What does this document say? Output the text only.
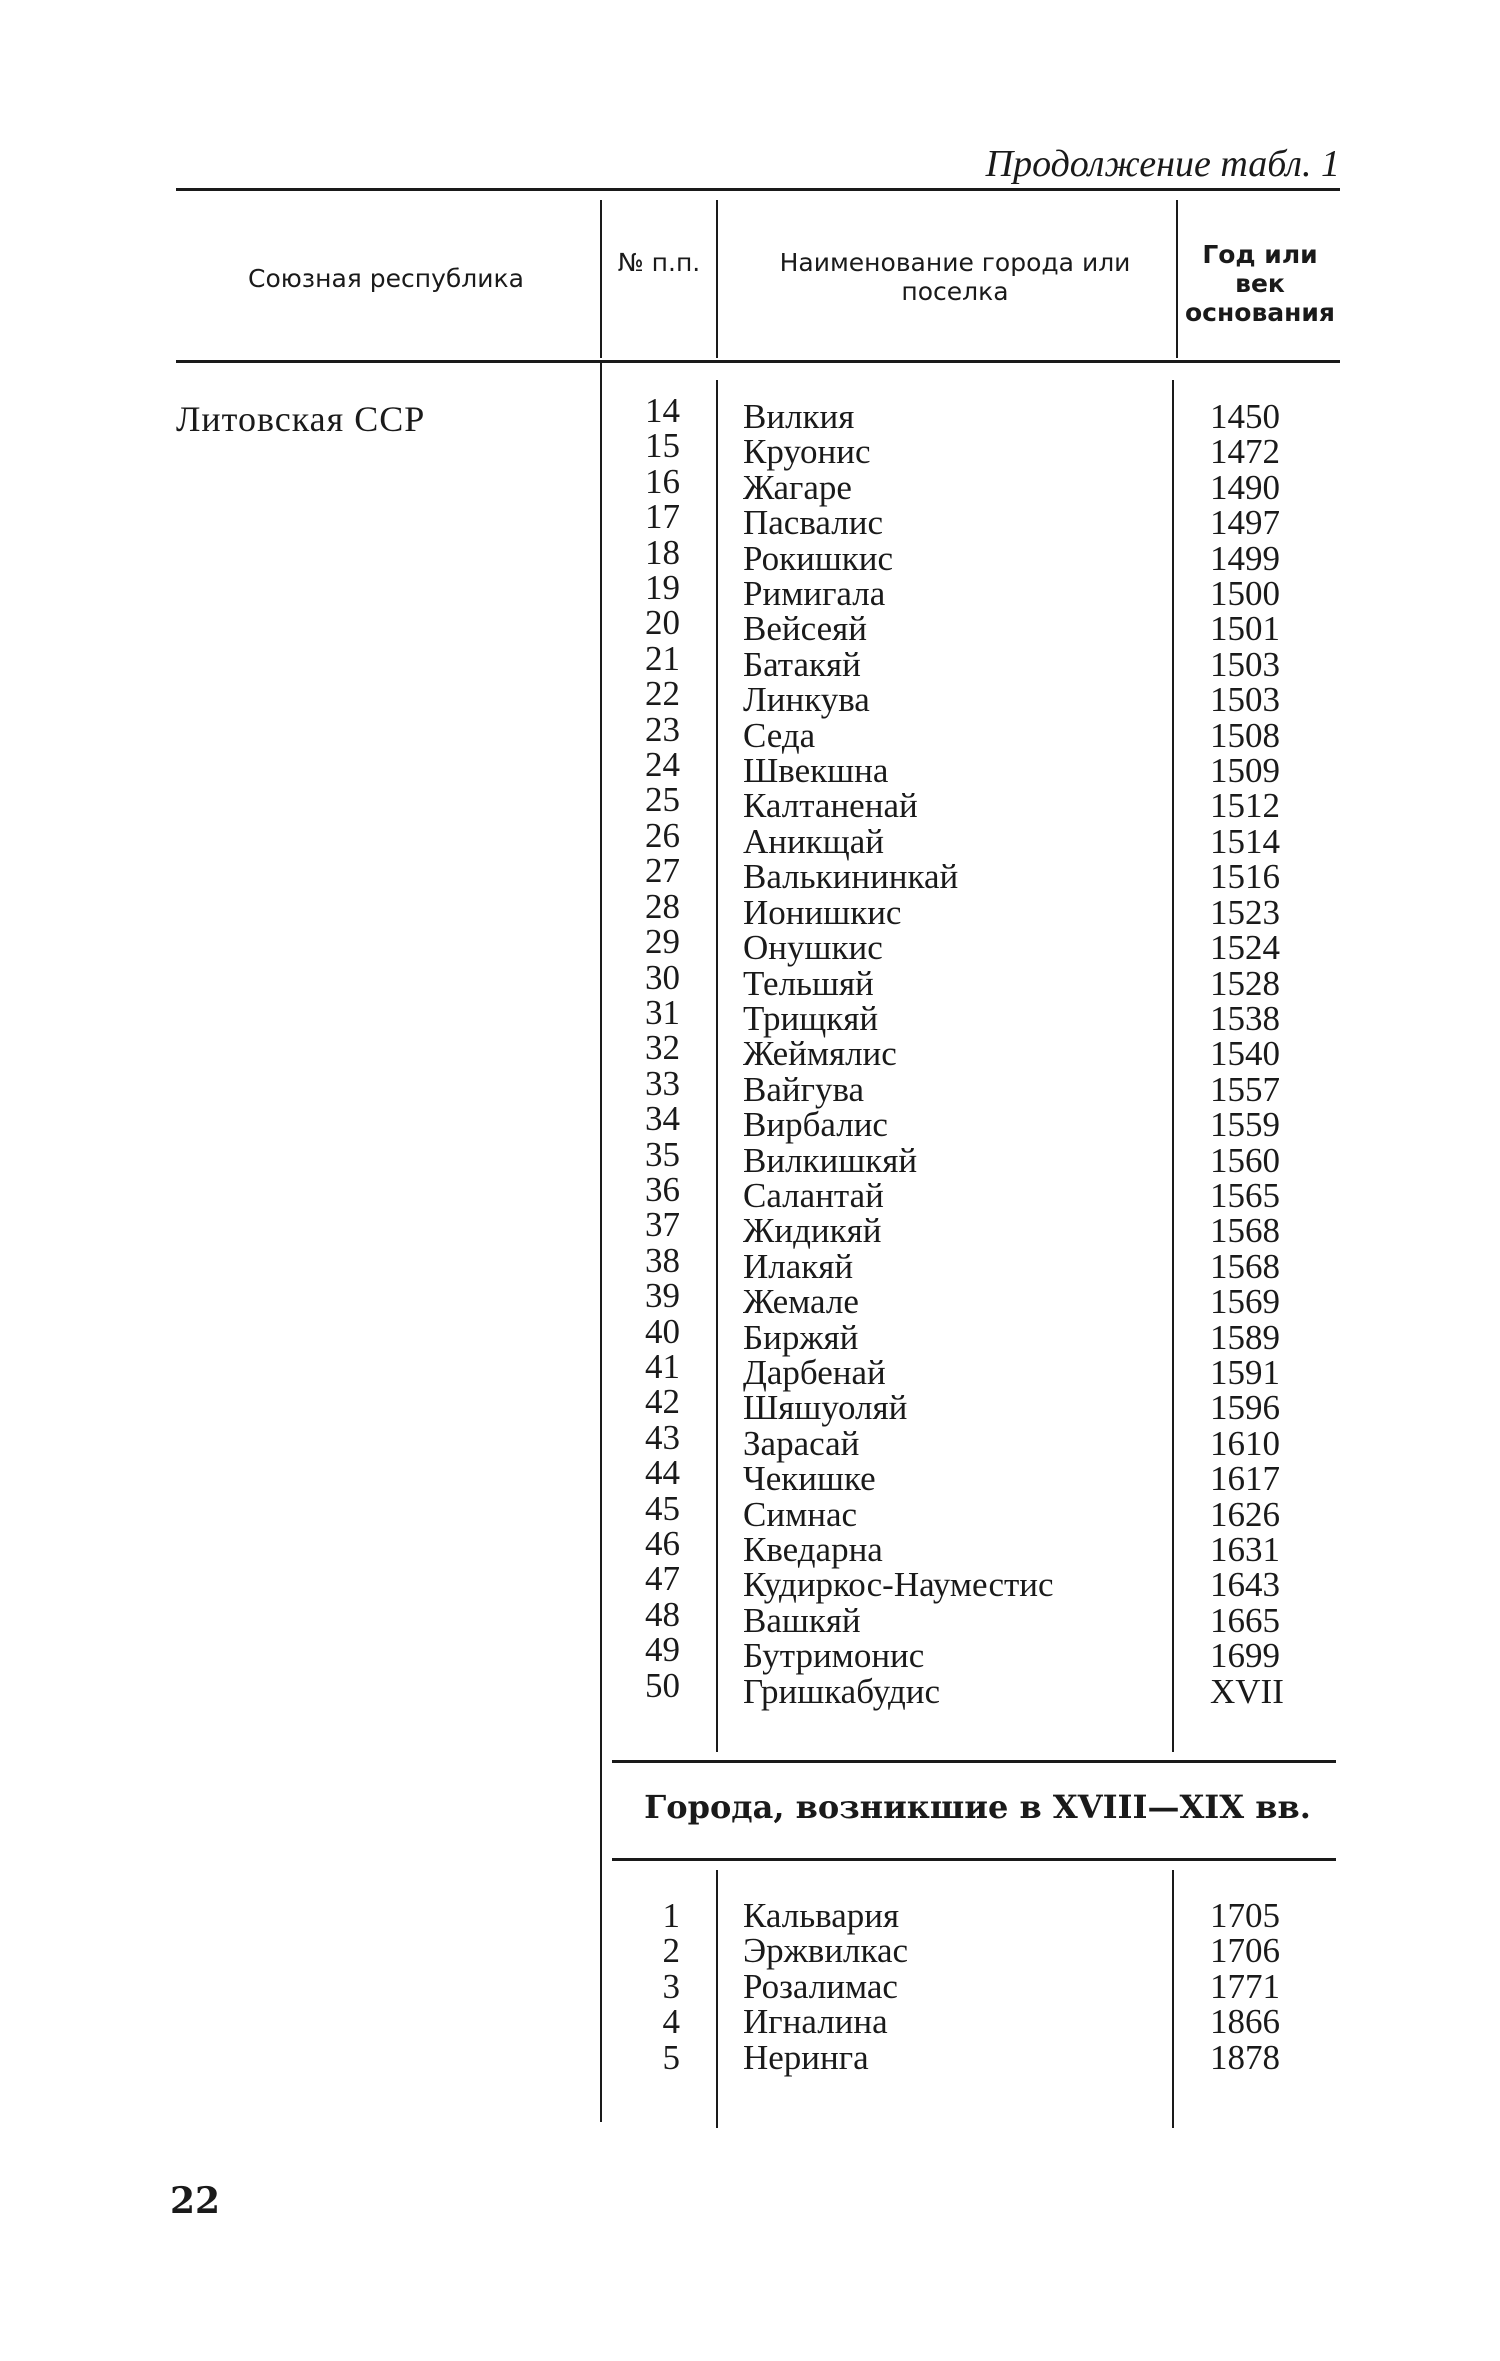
Продолжение табл. 1
Союзная республика
№ п.п.	Наименование города или поселка
Год или век основания
Литовская ССР	14
15
16
17
18
19
20
21
22
23
24
25
26
27
28
29
30
31
32
33
34
35
36
37
38
39
40
41
42
43
44
45
46
47
48
49
50
Вилкия
Круонис
Жагаре
Пасвалис
Рокишкис
Римигала
Вейсеяй
Батакяй
Линкува
Седа
Швекшна
Калтаненай
Аникщай
Валькининкай
Ионишкис
Онушкис
Тельшяй
Трищкяй
Жеймялис
Вайгува
Вирбалис
Вилкишкяй
Салантай
Жидикяй
Илакяй
Жемале
Биржяй
Дарбенай
Шяшуоляй
Зарасай
Чекишке
Симнас
Кведарна
Кудиркос-Науместис
Вашкяй
Бутримонис
Гришкабудис
1450
1472
1490
1497
1499
1500
1501
1503
1503
1508
1509
1512
1514
1516
1523
1524
1528
1538
1540
1557
1559
1560
1565
1568
1568
1569
1589
1591
1596
1610
1617
1626
1631
1643
1665
1699
XVII
Города, возникшие в XVIII—XIX вв.
1
2
3
4
5
Кальвария
Эржвилкас
Розалимас
Игналина
Неринга
1705
1706
1771
1866
1878
22
